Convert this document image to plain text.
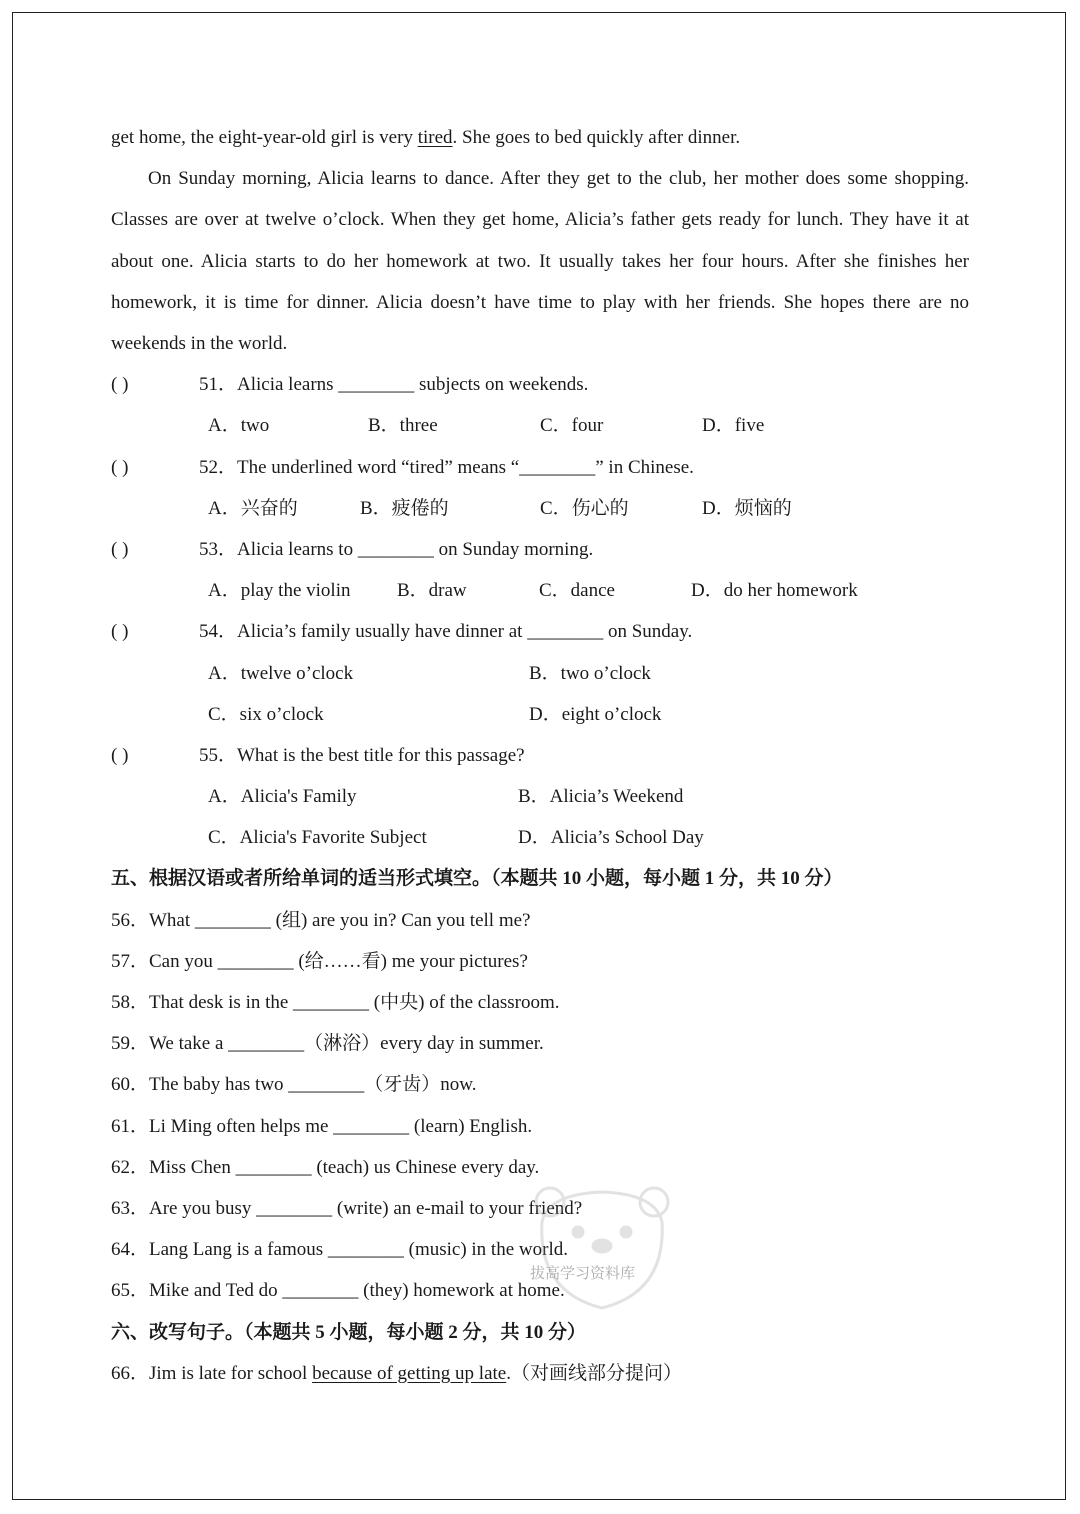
get home, the eight-year-old girl is very tired. She goes to bed quickly after dinner.
On Sunday morning, Alicia learns to dance. After they get to the club, her mother does some shopping. Classes are over at twelve o’clock. When they get home, Alicia’s father gets ready for lunch. They have it at about one. Alicia starts to do her homework at two. It usually takes her four hours. After she finishes her homework, it is time for dinner. Alicia doesn’t have time to play with her friends. She hopes there are no weekends in the world.
( )	51．Alicia learns ________ subjects on weekends.
A．two	B．three	C．four	D．five
( )	52．The underlined word “tired” means “________” in Chinese.
A．兴奋的	B．疲倦的	C．伤心的	D．烦恼的
( )	53．Alicia learns to ________ on Sunday morning.
A．play the violin	B．draw	C．dance	D．do her homework
( )	54．Alicia’s family usually have dinner at ________ on Sunday.
A．twelve o’clock	B．two o’clock
C．six o’clock	D．eight o’clock
( )	55．What is the best title for this passage?
A．Alicia's Family	B．Alicia’s Weekend
C．Alicia's Favorite Subject	D．Alicia’s School Day
五、根据汉语或者所给单词的适当形式填空。（本题共 10 小题，每小题 1 分，共 10 分）
56．What ________ (组) are you in? Can you tell me?
57．Can you ________ (给……看) me your pictures?
58．That desk is in the ________ (中央) of the classroom.
59．We take a ________（淋浴）every day in summer.
60．The baby has two ________（牙齿）now.
61．Li Ming often helps me ________ (learn) English.
62．Miss Chen ________ (teach) us Chinese every day.
63．Are you busy ________ (write) an e-mail to your friend?
64．Lang Lang is a famous ________ (music) in the world.
65．Mike and Ted do ________ (they) homework at home.
六、改写句子。（本题共 5 小题，每小题 2 分，共 10 分）
66．Jim is late for school because of getting up late.（对画线部分提问）
拔高学习资料库
